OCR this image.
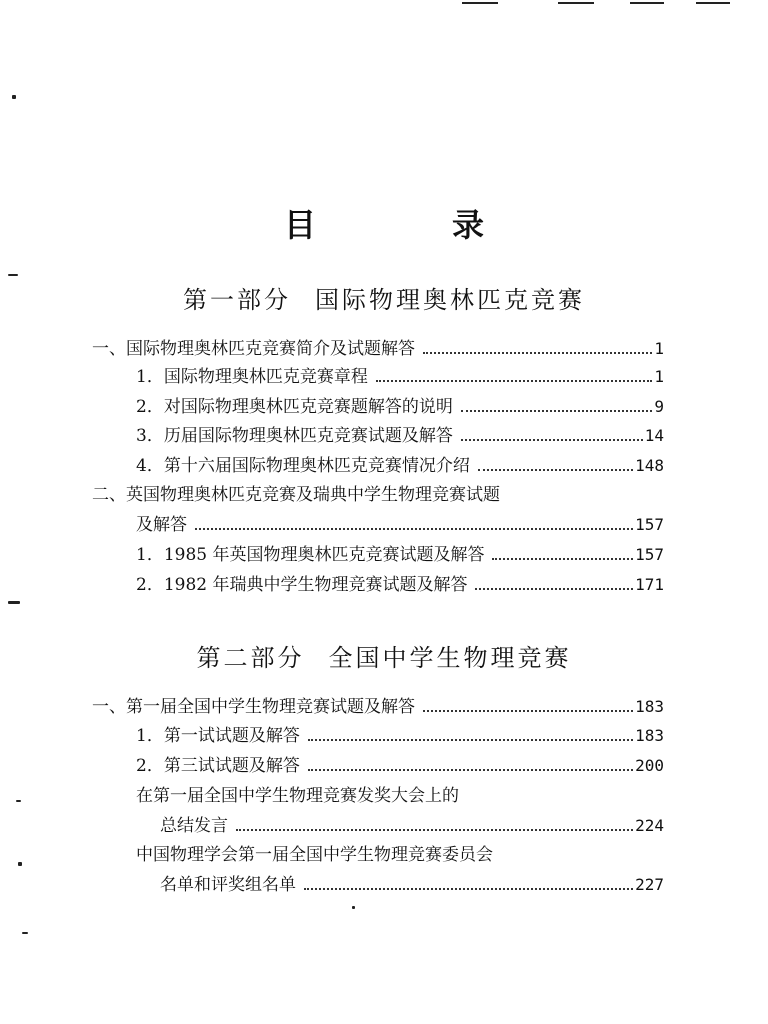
目　录
第一部分 国际物理奥林匹克竞赛
一、国际物理奥林匹克竞赛简介及试题解答	1
1．国际物理奥林匹克竞赛章程	1
2．对国际物理奥林匹克竞赛题解答的说明	9
3．历届国际物理奥林匹克竞赛试题及解答	14
4．第十六届国际物理奥林匹克竞赛情况介绍	148
二、英国物理奥林匹克竞赛及瑞典中学生物理竞赛试题
及解答	157
1．1985 年英国物理奥林匹克竞赛试题及解答	157
2．1982 年瑞典中学生物理竞赛试题及解答	171
第二部分 全国中学生物理竞赛
一、第一届全国中学生物理竞赛试题及解答	183
1．第一试试题及解答	183
2．第三试试题及解答	200
在第一届全国中学生物理竞赛发奖大会上的
总结发言	224
中国物理学会第一届全国中学生物理竞赛委员会
名单和评奖组名单	227
